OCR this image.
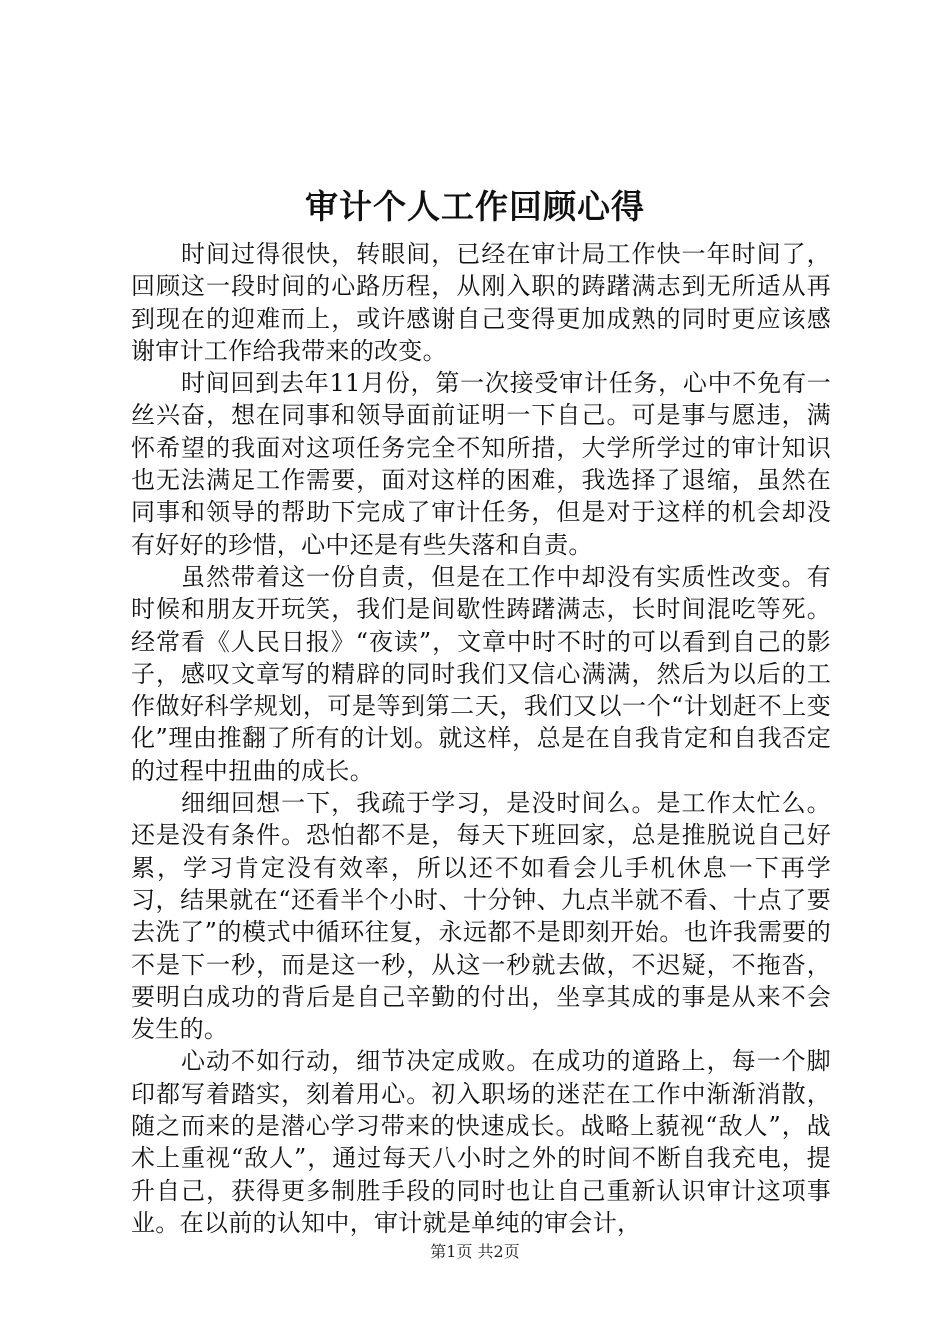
审计个人工作回顾心得

时间过得很快，转眼间，已经在审计局工作快一年时间了，回顾这一段时间的心路历程，从刚入职的踌躇满志到无所适从再到现在的迎难而上，或许感谢自己变得更加成熟的同时更应该感谢审计工作给我带来的改变。

时间回到去年11月份，第一次接受审计任务，心中不免有一丝兴奋，想在同事和领导面前证明一下自己。可是事与愿违，满怀希望的我面对这项任务完全不知所措，大学所学过的审计知识也无法满足工作需要，面对这样的困难，我选择了退缩，虽然在同事和领导的帮助下完成了审计任务，但是对于这样的机会却没有好好的珍惜，心中还是有些失落和自责。

虽然带着这一份自责，但是在工作中却没有实质性改变。有时候和朋友开玩笑，我们是间歇性踌躇满志，长时间混吃等死。经常看《人民日报》“夜读”，文章中时不时的可以看到自己的影子，感叹文章写的精辟的同时我们又信心满满，然后为以后的工作做好科学规划，可是等到第二天，我们又以一个“计划赶不上变化”理由推翻了所有的计划。就这样，总是在自我肯定和自我否定的过程中扭曲的成长。

细细回想一下，我疏于学习，是没时间么。是工作太忙么。还是没有条件。恐怕都不是，每天下班回家，总是推脱说自己好累，学习肯定没有效率，所以还不如看会儿手机休息一下再学习，结果就在“还看半个小时、十分钟、九点半就不看、十点了要去洗了”的模式中循环往复，永远都不是即刻开始。也许我需要的不是下一秒，而是这一秒，从这一秒就去做，不迟疑，不拖沓，要明白成功的背后是自己辛勤的付出，坐享其成的事是从来不会发生的。

心动不如行动，细节决定成败。在成功的道路上，每一个脚印都写着踏实，刻着用心。初入职场的迷茫在工作中渐渐消散，随之而来的是潜心学习带来的快速成长。战略上藐视“敌人”，战术上重视“敌人”，通过每天八小时之外的时间不断自我充电，提升自己，获得更多制胜手段的同时也让自己重新认识审计这项事业。在以前的认知中，审计就是单纯的审会计，

第1页 共2页
